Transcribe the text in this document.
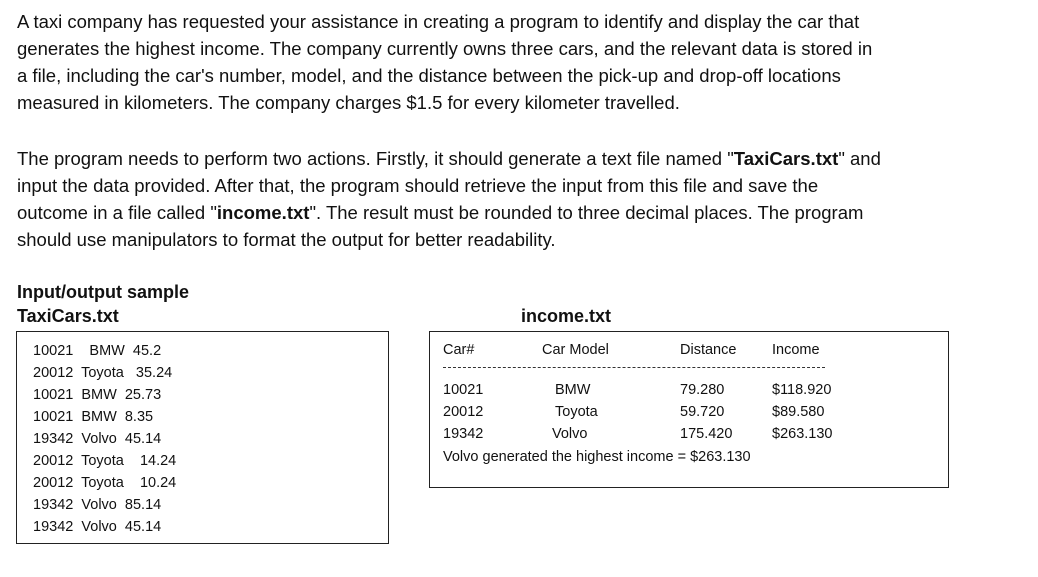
A taxi company has requested your assistance in creating a program to identify and display the car that
generates the highest income. The company currently owns three cars, and the relevant data is stored in
a file, including the car's number, model, and the distance between the pick-up and drop-off locations
measured in kilometers. The company charges $1.5 for every kilometer travelled.
The program needs to perform two actions. Firstly, it should generate a text file named "TaxiCars.txt" and
input the data provided. After that, the program should retrieve the input from this file and save the
outcome in a file called "income.txt". The result must be rounded to three decimal places. The program
should use manipulators to format the output for better readability.
Input/output sample
TaxiCars.txt	income.txt
10021    BMW  45.2
20012  Toyota   35.24
10021  BMW  25.73
10021  BMW  8.35
19342  Volvo  45.14
20012  Toyota    14.24
20012  Toyota    10.24
19342  Volvo  85.14
19342  Volvo  45.14
Car#	Car Model	Distance Income
10021	BMW	79.280	$118.920
20012	Toyota	59.720	$89.580
19342	Volvo	175.420	$263.130
Volvo generated the highest income = $263.130
